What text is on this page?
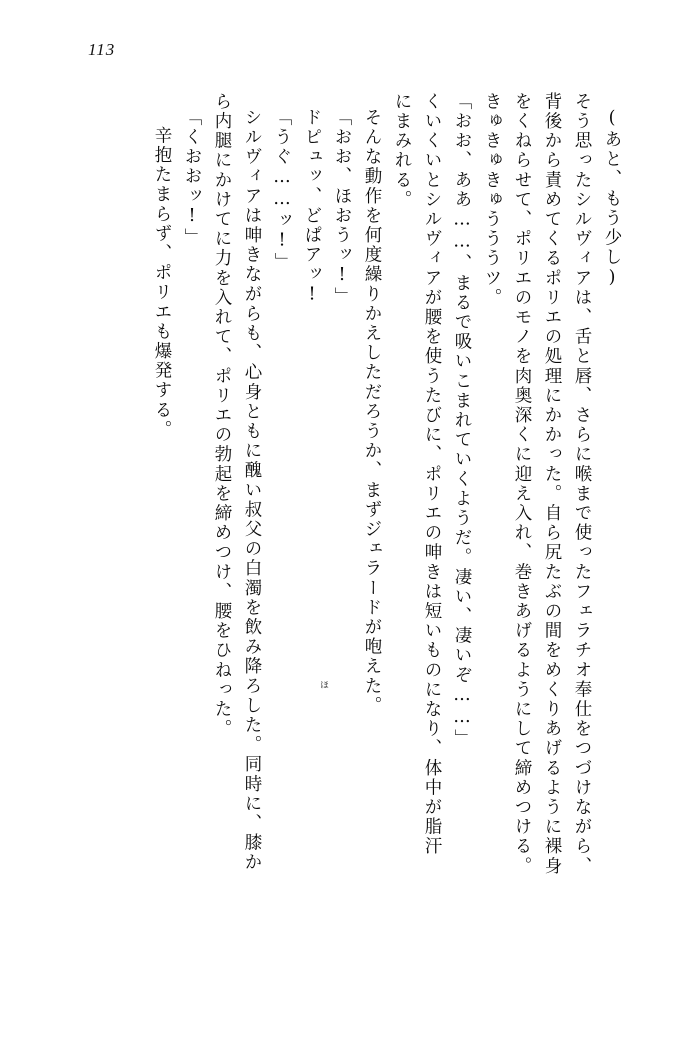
113
(あと、もう少し)
そう思ったシルヴィアは、舌と唇、さらに喉まで使ったフェラチオ奉仕をつづけながら、
背後から責めてくるポリエの処理にかかった。自ら尻たぶの間をめくりあげるように裸身
をくねらせて、ポリエのモノを肉奥深くに迎え入れ、巻きあげるようにして締めつける。
きゅきゅきゅうううツ。
「おお、ああ……、まるで吸いこまれていくようだ。凄い、凄いぞ……」
くいくいとシルヴィアが腰を使うたびに、ポリエの呻きは短いものになり、体中が脂汗
にまみれる。
そんな動作を何度繰りかえしただろうか、まずジェラードが咆えた。
「おお、ほおうッ!」
ドピュッ、どぱアッ!
「うぐ……ッ!」
シルヴィアは呻きながらも、心身ともに醜い叔父の白濁を飲み降ろした。同時に、膝か
ら内腿にかけてに力を入れて、ポリエの勃起を締めつけ、腰をひねった。
「くおおッ!」
辛抱たまらず、ポリエも爆発する。
ほ
